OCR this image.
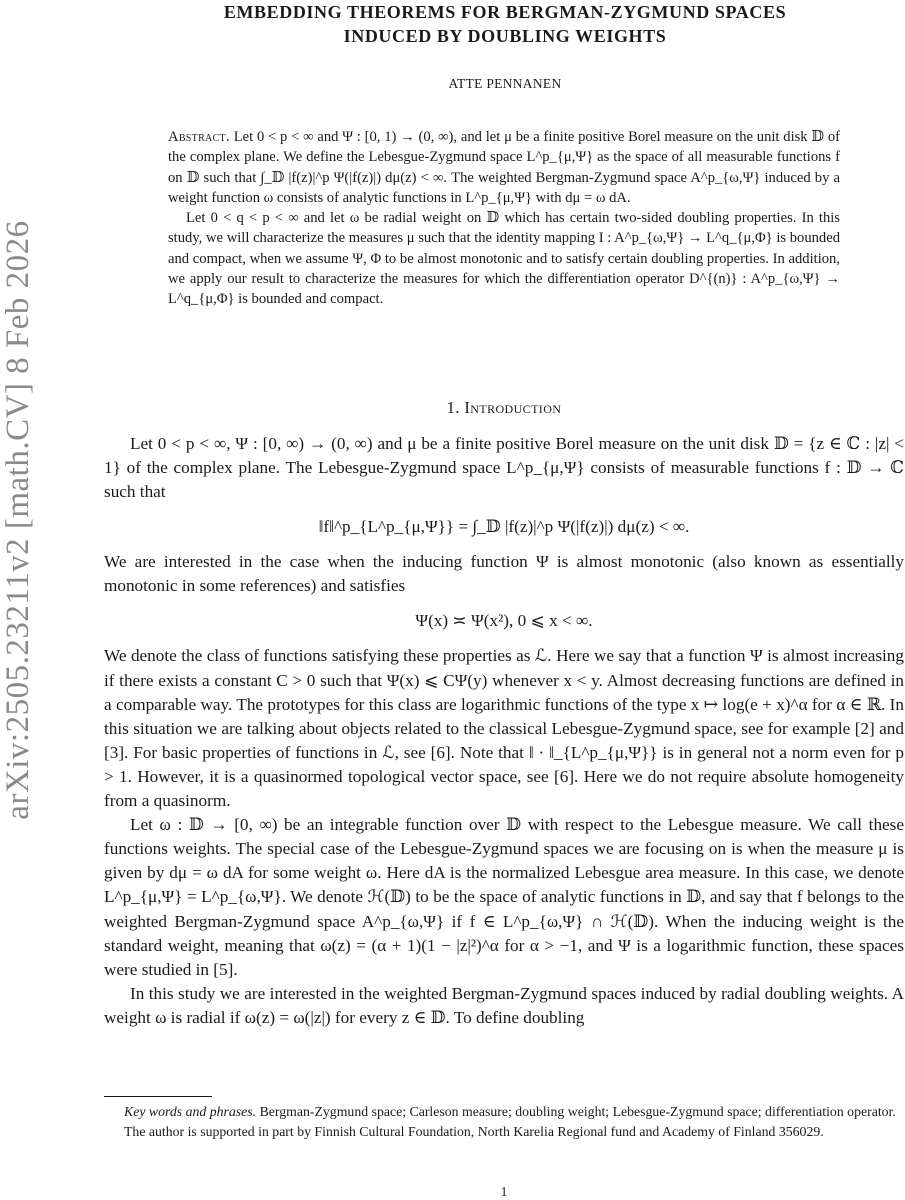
arXiv:2505.23211v2 [math.CV] 8 Feb 2026
EMBEDDING THEOREMS FOR BERGMAN-ZYGMUND SPACES
INDUCED BY DOUBLING WEIGHTS
ATTE PENNANEN

Abstract. Let 0 < p < ∞ and Ψ : [0, 1) → (0, ∞), and let μ be a finite positive Borel measure on the unit disk 𝔻 of the complex plane. We define the Lebesgue-Zygmund space L^p_{μ,Ψ} as the space of all measurable functions f on 𝔻 such that ∫_𝔻 |f(z)|^p Ψ(|f(z)|) dμ(z) < ∞. The weighted Bergman-Zygmund space A^p_{ω,Ψ} induced by a weight function ω consists of analytic functions in L^p_{μ,Ψ} with dμ = ω dA.

Let 0 < q < p < ∞ and let ω be radial weight on 𝔻 which has certain two-sided doubling properties. In this study, we will characterize the measures μ such that the identity mapping I : A^p_{ω,Ψ} → L^q_{μ,Φ} is bounded and compact, when we assume Ψ, Φ to be almost monotonic and to satisfy certain doubling properties. In addition, we apply our result to characterize the measures for which the differentiation operator D^{(n)} : A^p_{ω,Ψ} → L^q_{μ,Φ} is bounded and compact.

1. Introduction

Let 0 < p < ∞, Ψ : [0, ∞) → (0, ∞) and μ be a finite positive Borel measure on the unit disk 𝔻 = {z ∈ ℂ : |z| < 1} of the complex plane. The Lebesgue-Zygmund space L^p_{μ,Ψ} consists of measurable functions f : 𝔻 → ℂ such that

‖f‖^p_{L^p_{μ,Ψ}} = ∫_𝔻 |f(z)|^p Ψ(|f(z)|) dμ(z) < ∞.

We are interested in the case when the inducing function Ψ is almost monotonic (also known as essentially monotonic in some references) and satisfies

Ψ(x) ≍ Ψ(x²), 0 ⩽ x < ∞.

We denote the class of functions satisfying these properties as ℒ. Here we say that a function Ψ is almost increasing if there exists a constant C > 0 such that Ψ(x) ⩽ CΨ(y) whenever x < y. Almost decreasing functions are defined in a comparable way. The prototypes for this class are logarithmic functions of the type x ↦ log(e + x)^α for α ∈ ℝ. In this situation we are talking about objects related to the classical Lebesgue-Zygmund space, see for example [2] and [3]. For basic properties of functions in ℒ, see [6]. Note that ‖ · ‖_{L^p_{μ,Ψ}} is in general not a norm even for p > 1. However, it is a quasinormed topological vector space, see [6]. Here we do not require absolute homogeneity from a quasinorm.

Let ω : 𝔻 → [0, ∞) be an integrable function over 𝔻 with respect to the Lebesgue measure. We call these functions weights. The special case of the Lebesgue-Zygmund spaces we are focusing on is when the measure μ is given by dμ = ω dA for some weight ω. Here dA is the normalized Lebesgue area measure. In this case, we denote L^p_{μ,Ψ} = L^p_{ω,Ψ}. We denote ℋ(𝔻) to be the space of analytic functions in 𝔻, and say that f belongs to the weighted Bergman-Zygmund space A^p_{ω,Ψ} if f ∈ L^p_{ω,Ψ} ∩ ℋ(𝔻). When the inducing weight is the standard weight, meaning that ω(z) = (α + 1)(1 − |z|²)^α for α > −1, and Ψ is a logarithmic function, these spaces were studied in [5].

In this study we are interested in the weighted Bergman-Zygmund spaces induced by radial doubling weights. A weight ω is radial if ω(z) = ω(|z|) for every z ∈ 𝔻. To define doubling

Key words and phrases. Bergman-Zygmund space; Carleson measure; doubling weight; Lebesgue-Zygmund space; differentiation operator.

The author is supported in part by Finnish Cultural Foundation, North Karelia Regional fund and Academy of Finland 356029.

1
